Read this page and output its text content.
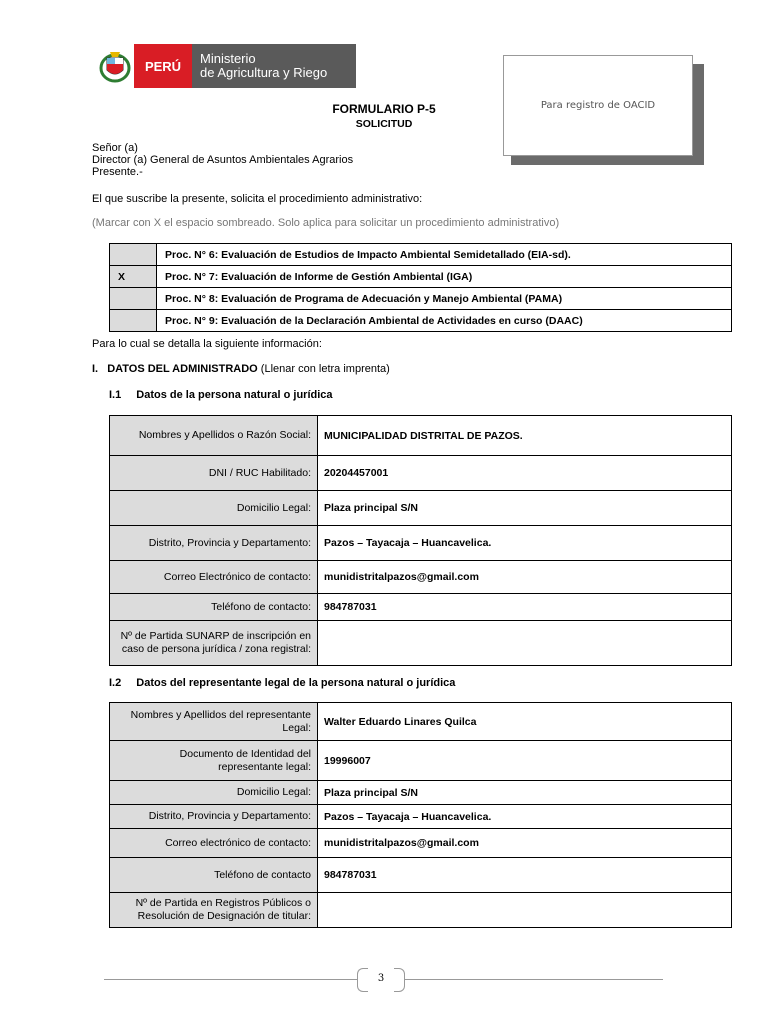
PERÚ	Ministerio
de Agricultura y Riego
Para registro de OACID
FORMULARIO P-5
SOLICITUD
Señor (a)
Director (a) General de Asuntos Ambientales Agrarios
Presente.-
El que suscribe la presente, solicita el procedimiento administrativo:
(Marcar con X el espacio sombreado. Solo aplica para solicitar un procedimiento administrativo)
	Proc. N° 6: Evaluación de Estudios de Impacto Ambiental Semidetallado (EIA-sd).
X	Proc. N° 7: Evaluación de Informe de Gestión Ambiental (IGA)
	Proc. N° 8: Evaluación de Programa de Adecuación y Manejo Ambiental (PAMA)
	Proc. N° 9: Evaluación de la Declaración Ambiental de Actividades en curso (DAAC)
Para lo cual se detalla la siguiente información:
I. DATOS DEL ADMINISTRADO (Llenar con letra imprenta)
I.1 Datos de la persona natural o jurídica
Nombres y Apellidos o Razón Social:	MUNICIPALIDAD DISTRITAL DE PAZOS.
DNI / RUC Habilitado:	20204457001
Domicilio Legal:	Plaza principal S/N
Distrito, Provincia y Departamento:	Pazos – Tayacaja – Huancavelica.
Correo Electrónico de contacto:	munidistritalpazos@gmail.com
Teléfono de contacto:	984787031
Nº de Partida SUNARP de inscripción en caso de persona jurídica / zona registral:	
I.2 Datos del representante legal de la persona natural o jurídica
Nombres y Apellidos del representante Legal:	Walter Eduardo Linares Quilca
Documento de Identidad del representante legal:	19996007
Domicilio Legal:	Plaza principal S/N
Distrito, Provincia y Departamento:	Pazos – Tayacaja – Huancavelica.
Correo electrónico de contacto:	munidistritalpazos@gmail.com
Teléfono de contacto	984787031
Nº de Partida en Registros Públicos o Resolución de Designación de titular:	
3
